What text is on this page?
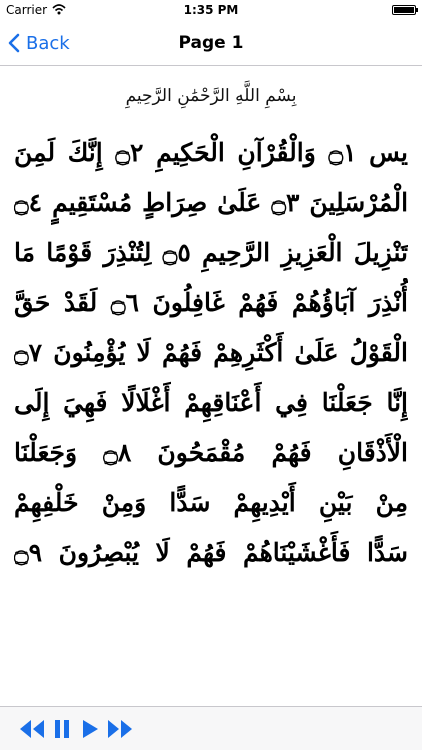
Carrier	1:35 PM
Back	Page 1
بِسْمِ اللَّهِ الرَّحْمَٰنِ الرَّحِيمِ
يس ۝١ وَالْقُرْآنِ الْحَكِيمِ ۝٢ إِنَّكَ لَمِنَ
الْمُرْسَلِينَ ۝٣ عَلَىٰ صِرَاطٍ مُسْتَقِيمٍ ۝٤
تَنْزِيلَ الْعَزِيزِ الرَّحِيمِ ۝٥ لِتُنْذِرَ قَوْمًا مَا
أُنْذِرَ آبَاؤُهُمْ فَهُمْ غَافِلُونَ ۝٦ لَقَدْ حَقَّ
الْقَوْلُ عَلَىٰ أَكْثَرِهِمْ فَهُمْ لَا يُؤْمِنُونَ ۝٧
إِنَّا جَعَلْنَا فِي أَعْنَاقِهِمْ أَغْلَالًا فَهِيَ إِلَى
الْأَذْقَانِ فَهُمْ مُقْمَحُونَ ۝٨ وَجَعَلْنَا
مِنْ بَيْنِ أَيْدِيهِمْ سَدًّا وَمِنْ خَلْفِهِمْ
سَدًّا فَأَغْشَيْنَاهُمْ فَهُمْ لَا يُبْصِرُونَ ۝٩
